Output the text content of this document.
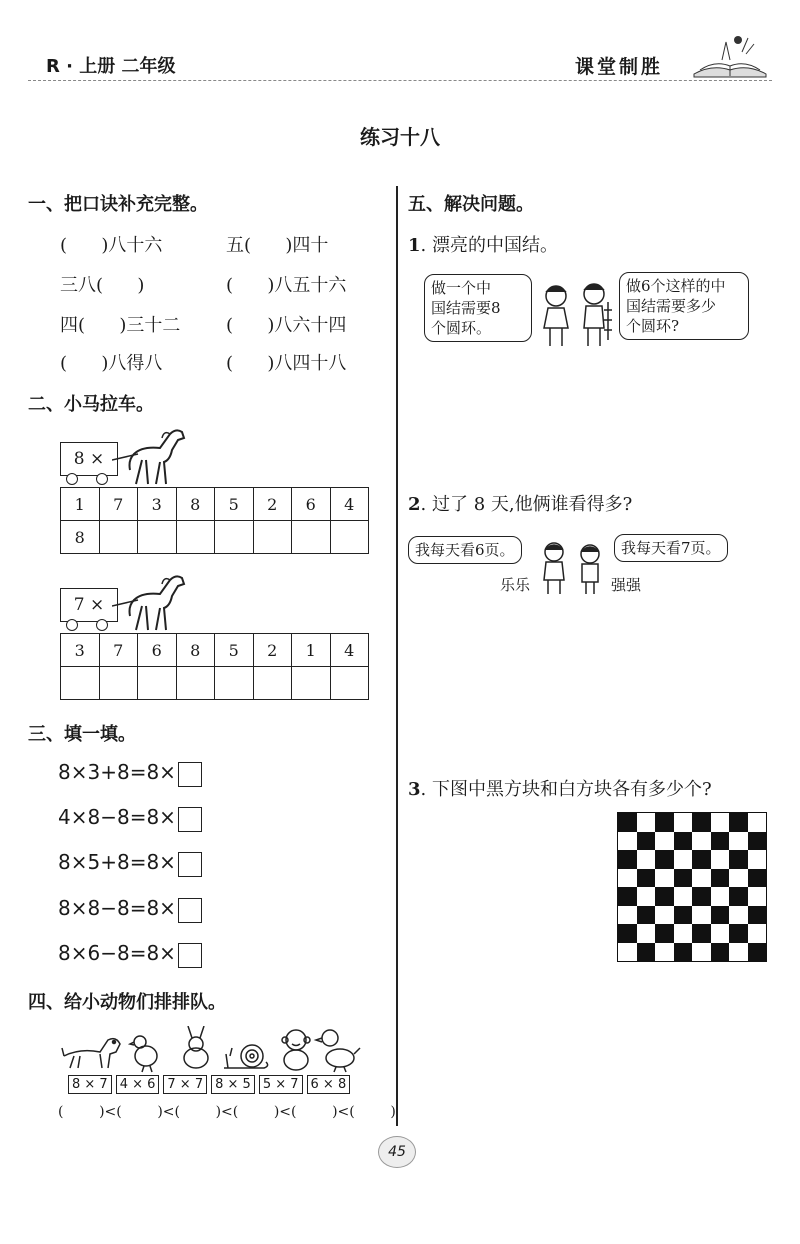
R · 上册 二年级	课堂制胜
练习十八
一、把口诀补充完整。
(      )八十六	五(      )四十
三八(      )	(      )八五十六
四(      )三十二	(      )八六十四
(      )八得八	(      )八四十八
二、小马拉车。
8 ×
1	7	3	8	5	2	6	4
8							
7 ×
3	7	6	8	5	2	1	4

三、填一填。
8×3+8=8×
4×8−8=8×
8×5+8=8×
8×8−8=8×
8×6−8=8×
四、给小动物们排排队。
8 × 7 4 × 6 7 × 7 8 × 5 5 × 7 6 × 8
(        )<(        )<(        )<(        )<(        )<(        )
五、解决问题。
1. 漂亮的中国结。
做一个中
国结需要8
个圆环。
做6个这样的中
国结需要多少
个圆环?
2. 过了 8 天,他俩谁看得多?
我每天看6页。	我每天看7页。
乐乐	强强
3. 下图中黑方块和白方块各有多少个?
45
